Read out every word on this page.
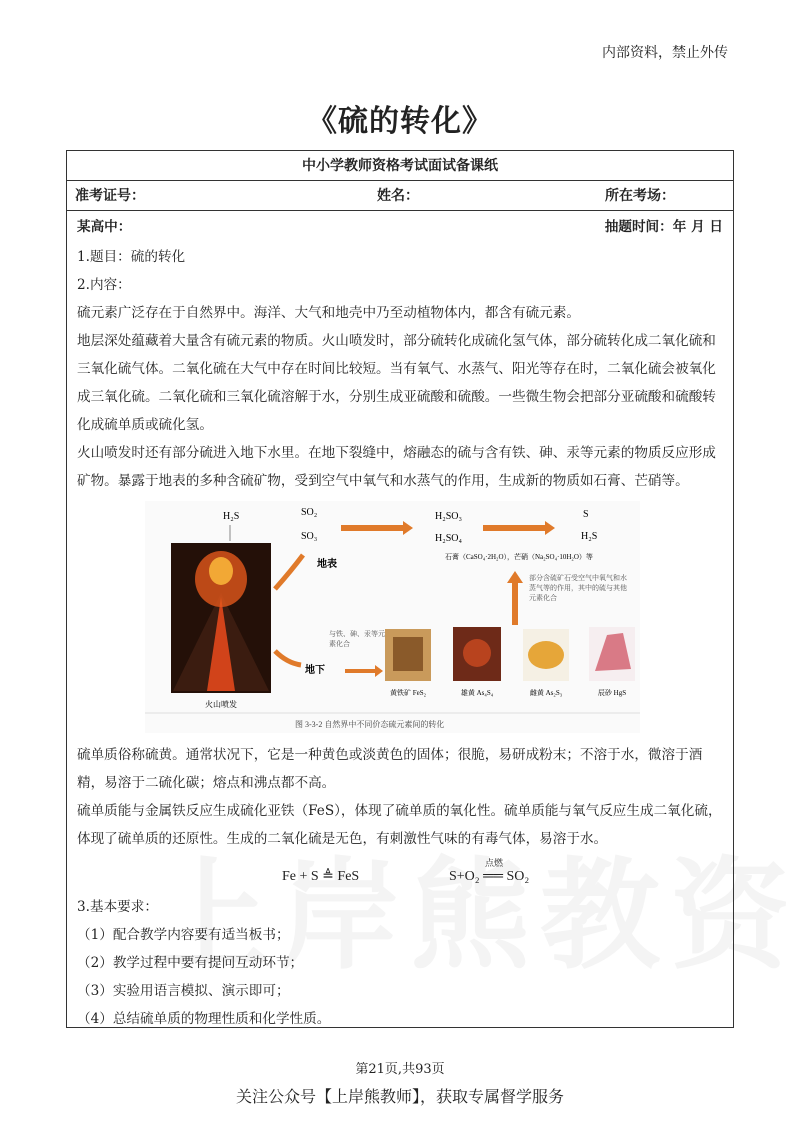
内部资料，禁止外传
《硫的转化》
中小学教师资格考试面试备课纸
准考证号：	姓名：	所在考场：
某高中：	抽题时间：年 月 日

1.题目：硫的转化

2.内容：

硫元素广泛存在于自然界中。海洋、大气和地壳中乃至动植物体内，都含有硫元素。

地层深处蕴藏着大量含有硫元素的物质。火山喷发时，部分硫转化成硫化氢气体，部分硫转化成二氧化硫和三氧化硫气体。二氧化硫在大气中存在时间比较短。当有氧气、水蒸气、阳光等存在时，二氧化硫会被氧化成三氧化硫。二氧化硫和三氧化硫溶解于水，分别生成亚硫酸和硫酸。一些微生物会把部分亚硫酸和硫酸转化成硫单质或硫化氢。

火山喷发时还有部分硫进入地下水里。在地下裂缝中，熔融态的硫与含有铁、砷、汞等元素的物质反应形成矿物。暴露于地表的多种含硫矿物，受到空气中氧气和水蒸气的作用，生成新的物质如石膏、芒硝等。

火山喷发
H₂S	SO₂
SO₃
H₂SO₃
H₂SO₄
S
H₂S
地表
石膏（CaSO₄·2H₂O），芒硝（Na₂SO₄·10H₂O）等
部分含硫矿石受空气中氧气和水蒸气等的作用，其中的硫与其他元素化合
地下
与铁、砷、汞等元素化合
黄铁矿 FeS₂	雄黄 As₄S₄	雌黄 As₂S₃	辰砂 HgS
图 3-3-2 自然界中不同价态硫元素间的转化

硫单质俗称硫黄。通常状况下，它是一种黄色或淡黄色的固体；很脆，易研成粉末；不溶于水，微溶于酒精，易溶于二硫化碳；熔点和沸点都不高。

硫单质能与金属铁反应生成硫化亚铁（FeS），体现了硫单质的氧化性。硫单质能与氧气反应生成二氧化硫，体现了硫单质的还原性。生成的二氧化硫是无色，有刺激性气味的有毒气体，易溶于水。

Fe + S ≜ FeS
点燃
S+O₂ ══ SO₂

3.基本要求：

（1）配合教学内容要有适当板书；

（2）教学过程中要有提问互动环节；

（3）实验用语言模拟、演示即可；

（4）总结硫单质的物理性质和化学性质。

第21页,共93页
关注公众号【上岸熊教师】，获取专属督学服务
